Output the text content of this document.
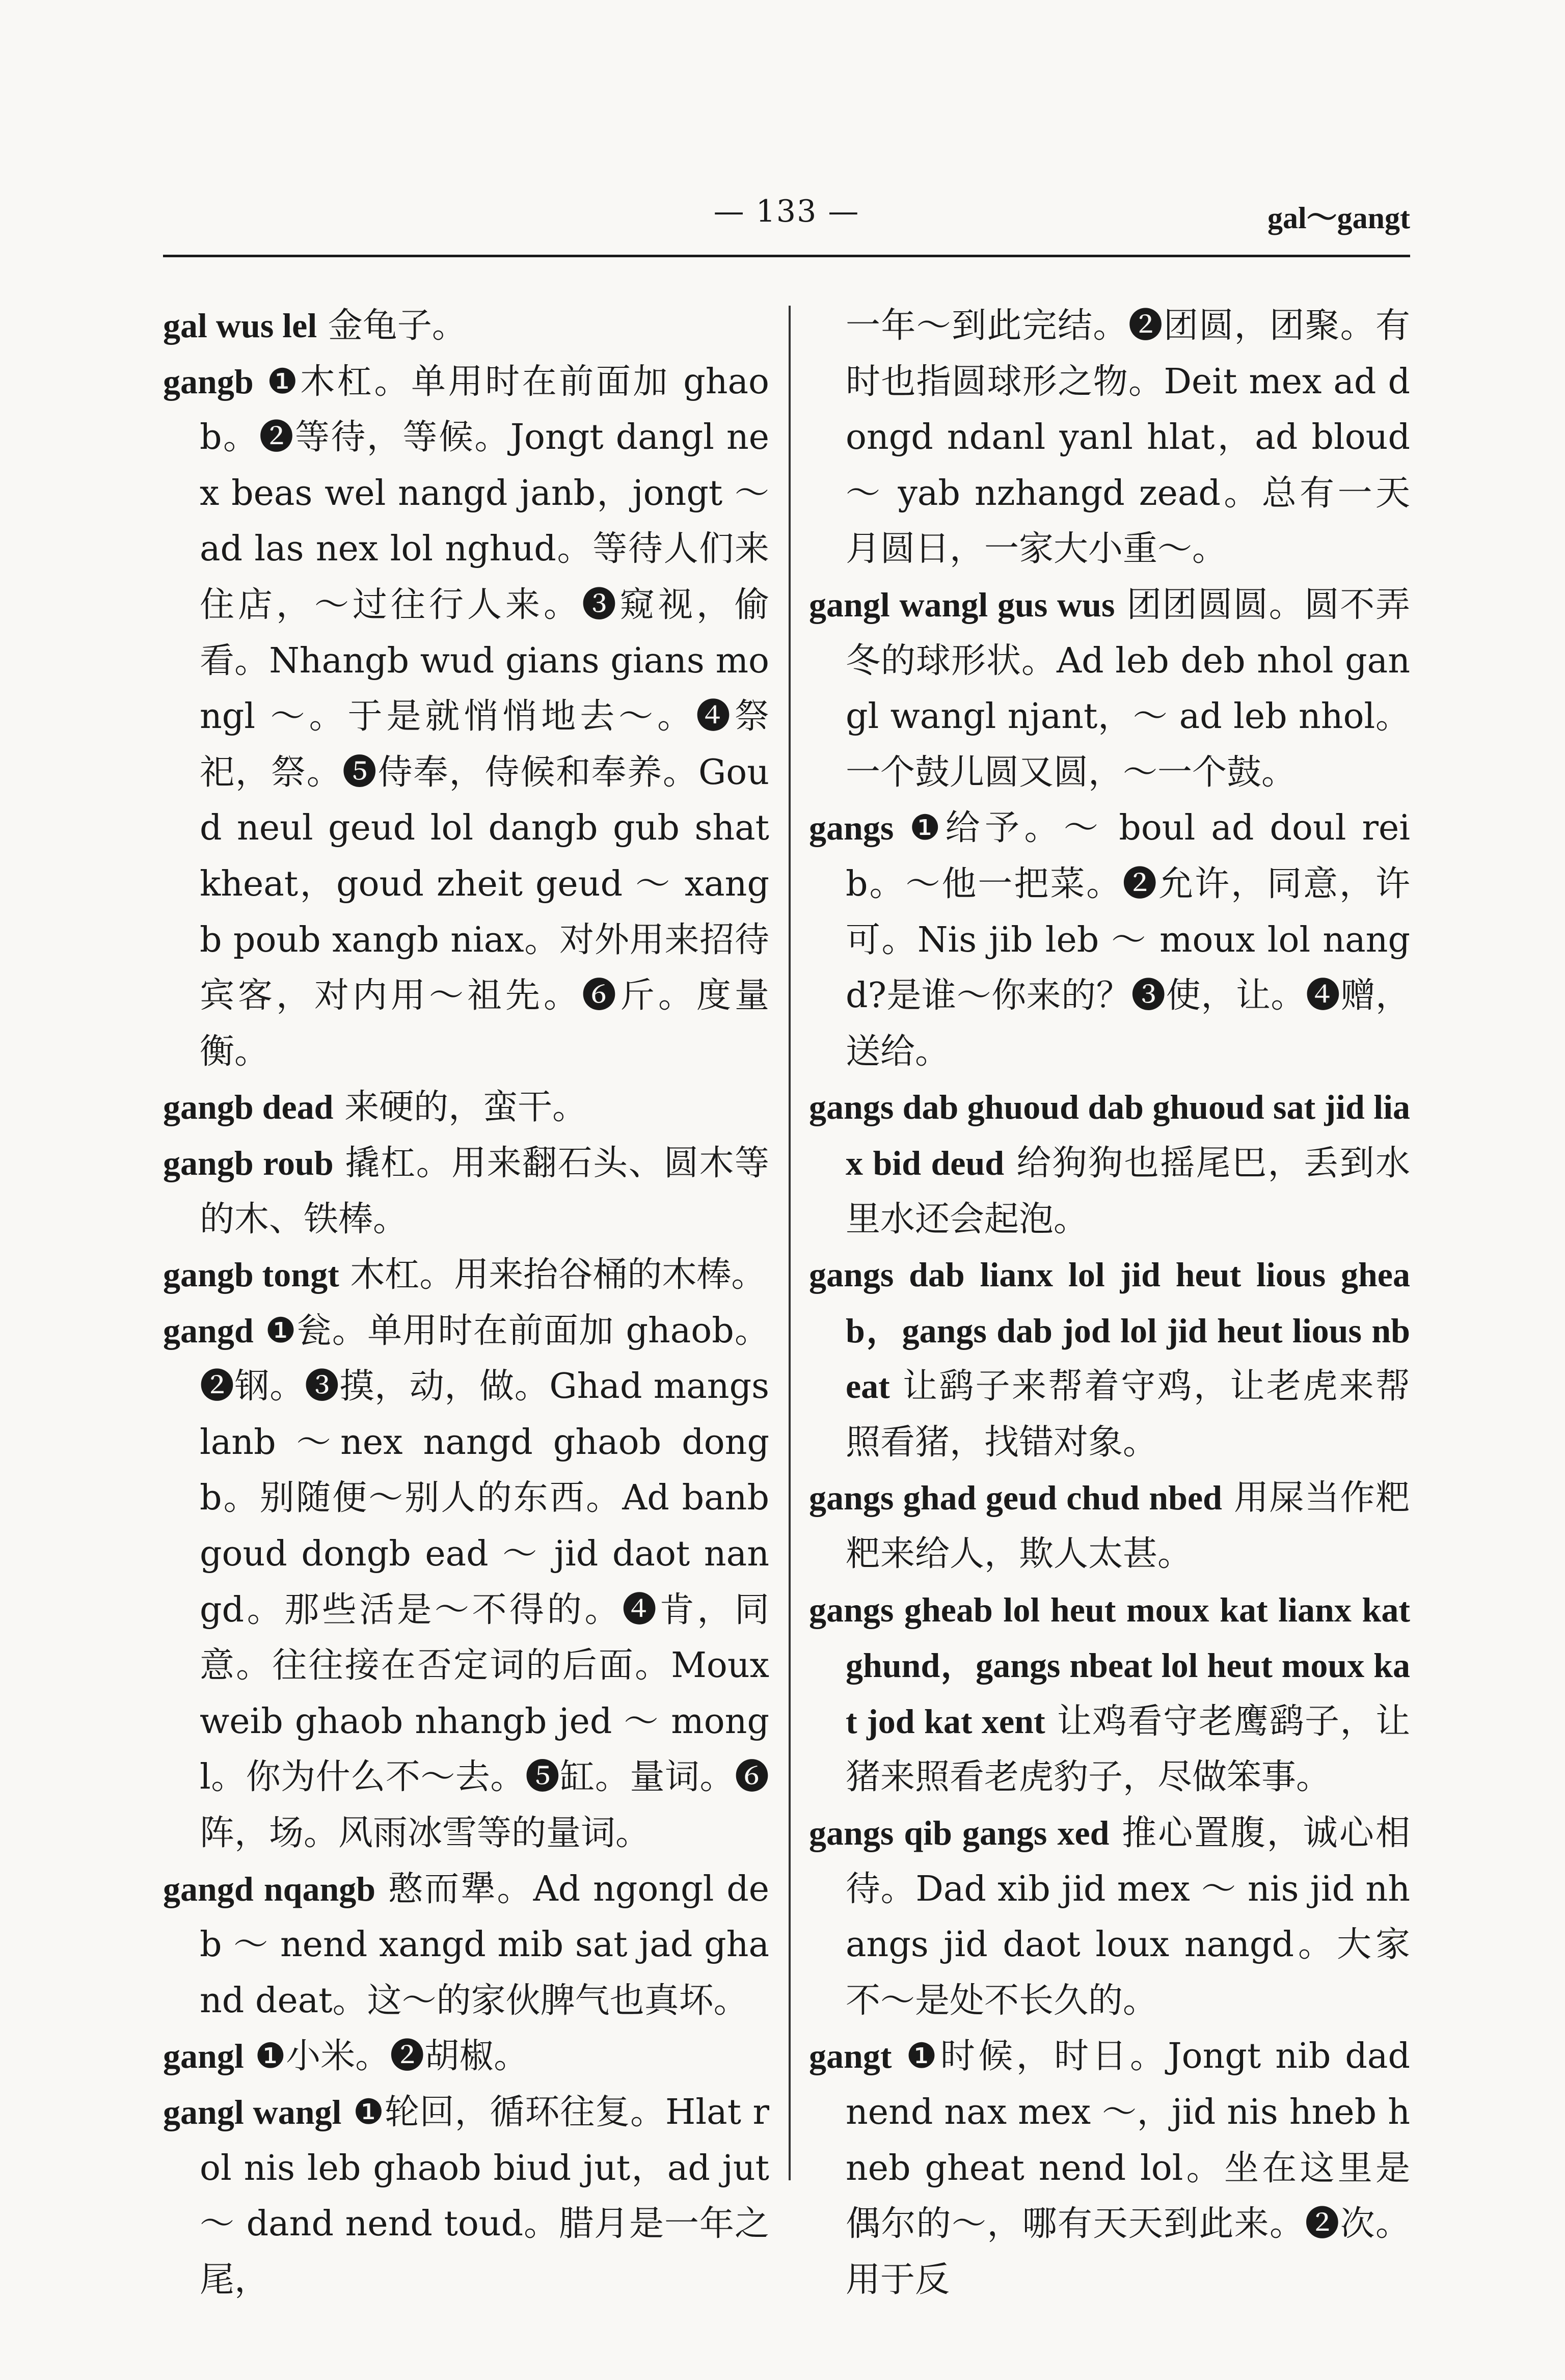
— 133 —	gal～gangt
gal wus lel 金龟子。
gangb ❶木杠。单用时在前面加 ghaob。❷等待，等候。Jongt dangl nex beas wel nangd janb，jongt ～ ad las nex lol nghud。等待人们来住店，～过往行人来。❸窥视，偷看。Nhangb wud gians gians mongl ～。于是就悄悄地去～。❹祭祀，祭。❺侍奉，侍候和奉养。Goud neul geud lol dangb gub shat kheat，goud zheit geud ～ xangb poub xangb niax。对外用来招待宾客，对内用～祖先。❻斤。度量衡。
gangb dead 来硬的，蛮干。
gangb roub 撬杠。用来翻石头、圆木等的木、铁棒。
gangb tongt 木杠。用来抬谷桶的木棒。
gangd ❶瓮。单用时在前面加 ghaob。❷钢。❸摸，动，做。Ghad mangs lanb ～nex nangd ghaob dongb。别随便～别人的东西。Ad banb goud dongb ead ～ jid daot nangd。那些活是～不得的。❹肯，同意。往往接在否定词的后面。Moux weib ghaob nhangb jed ～ mongl。你为什么不～去。❺缸。量词。❻阵，场。风雨冰雪等的量词。
gangd nqangb 憨而犟。Ad ngongl deb ～ nend xangd mib sat jad ghand deat。这～的家伙脾气也真坏。
gangl ❶小米。❷胡椒。
gangl wangl ❶轮回，循环往复。Hlat rol nis leb ghaob biud jut，ad jut ～ dand nend toud。腊月是一年之尾，
一年～到此完结。❷团圆，团聚。有时也指圆球形之物。Deit mex ad dongd ndanl yanl hlat，ad bloud ～ yab nzhangd zead。总有一天月圆日，一家大小重～。
gangl wangl gus wus 团团圆圆。圆不弄冬的球形状。Ad leb deb nhol gangl wangl njant，～ ad leb nhol。一个鼓儿圆又圆，～一个鼓。
gangs ❶给予。～ boul ad doul reib。～他一把菜。❷允许，同意，许可。Nis jib leb ～ moux lol nangd?是谁～你来的？❸使，让。❹赠，送给。
gangs dab ghuoud dab ghuoud sat jid liax bid deud 给狗狗也摇尾巴，丢到水里水还会起泡。
gangs dab lianx lol jid heut lious gheab，gangs dab jod lol jid heut lious nbeat 让鹞子来帮着守鸡，让老虎来帮照看猪，找错对象。
gangs ghad geud chud nbed 用屎当作粑粑来给人，欺人太甚。
gangs gheab lol heut moux kat lianx kat ghund，gangs nbeat lol heut moux kat jod kat xent 让鸡看守老鹰鹞子，让猪来照看老虎豹子，尽做笨事。
gangs qib gangs xed 推心置腹，诚心相待。Dad xib jid mex ～ nis jid nhangs jid daot loux nangd。大家不～是处不长久的。
gangt ❶时候，时日。Jongt nib dad nend nax mex ～，jid nis hneb hneb gheat nend lol。坐在这里是偶尔的～，哪有天天到此来。❷次。用于反
